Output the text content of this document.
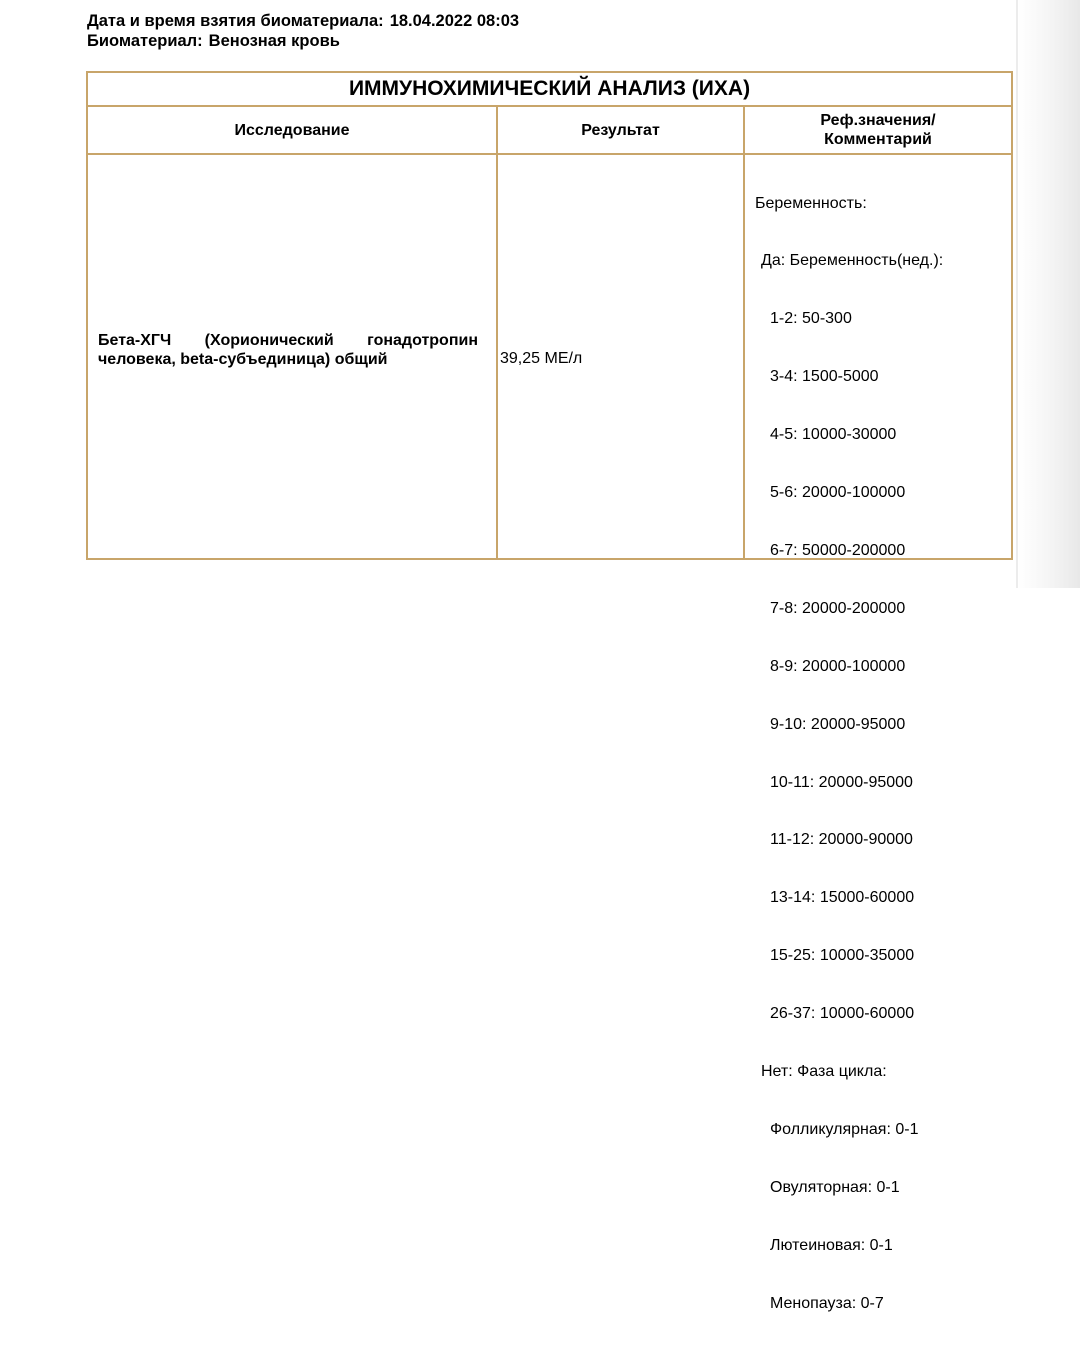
Дата и время взятия биоматериала: 18.04.2022 08:03
Биоматериал: Венозная кровь
ИММУНОХИМИЧЕСКИЙ АНАЛИЗ (ИХА)
Исследование	Результат
Реф.значения/
Комментарий
Бета-ХГЧ (Хорионический гонадотропин человека, beta-субъединица) общий	39,25 МЕ/л

Беременность:

Да: Беременность(нед.):

1-2: 50-300

3-4: 1500-5000

4-5: 10000-30000

5-6: 20000-100000

6-7: 50000-200000

7-8: 20000-200000

8-9: 20000-100000

9-10: 20000-95000

10-11: 20000-95000

11-12: 20000-90000

13-14: 15000-60000

15-25: 10000-35000

26-37: 10000-60000

Нет: Фаза цикла:

Фолликулярная: 0-1

Овуляторная: 0-1

Лютеиновая: 0-1

Менопауза: 0-7
